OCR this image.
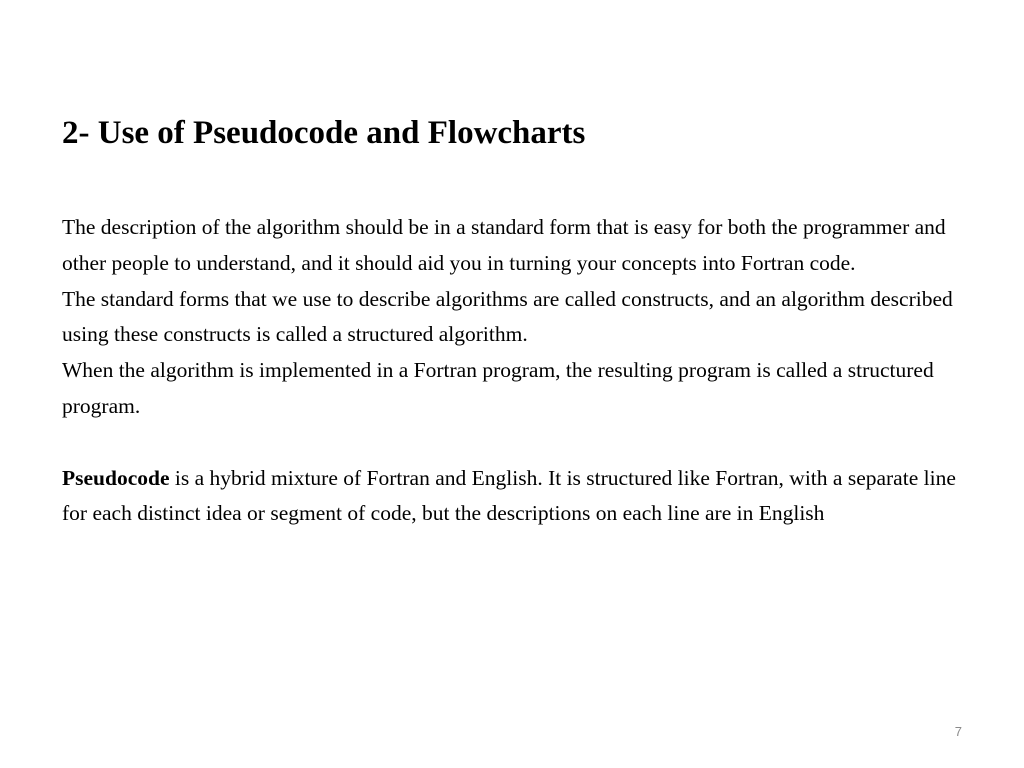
2- Use of Pseudocode and Flowcharts

The description of the algorithm should be in a standard form that is easy for both the programmer and other people to understand, and it should aid you in turning your concepts into Fortran code.

The standard forms that we use to describe algorithms are called constructs, and an algorithm described using these constructs is called a structured algorithm.

When the algorithm is implemented in a Fortran program, the resulting program is called a structured program.

Pseudocode is a hybrid mixture of Fortran and English. It is structured like Fortran, with a separate line for each distinct idea or segment of code, but the descriptions on each line are in English

7
